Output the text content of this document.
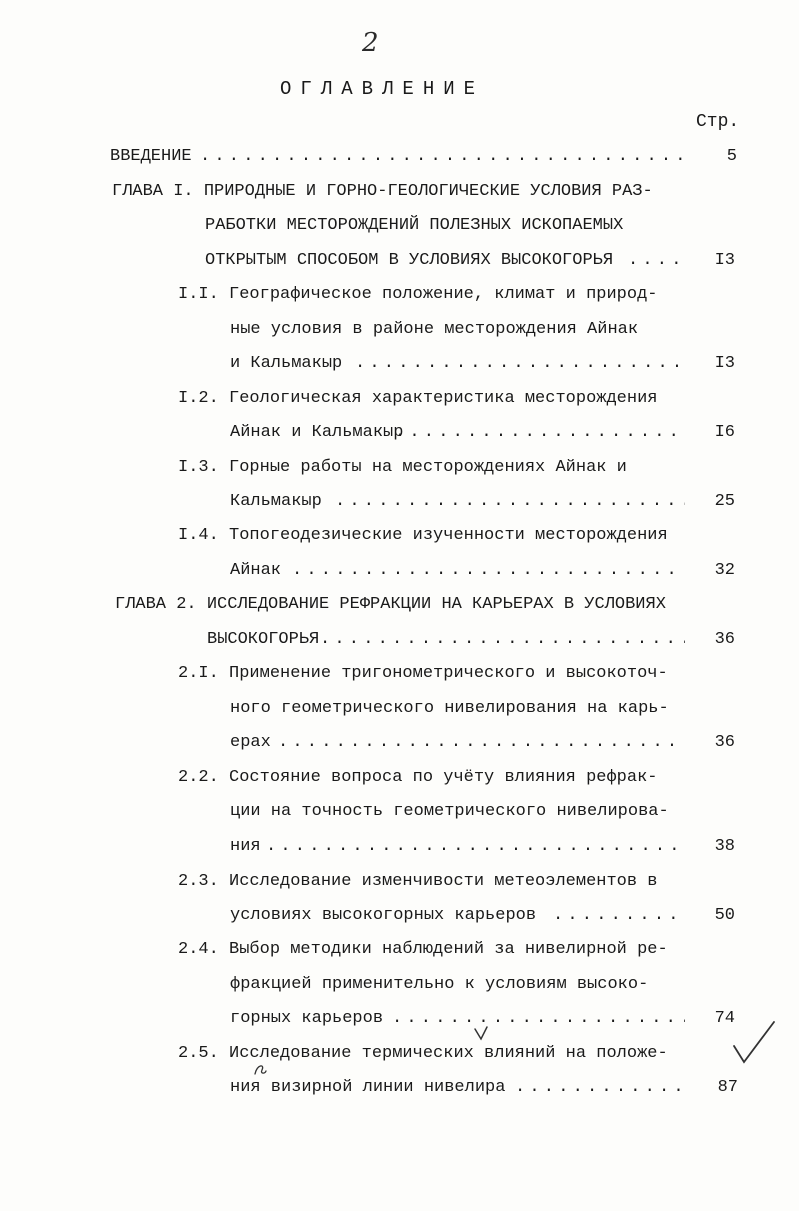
2
ОГЛАВЛЕНИЕ
Стр.
ВВЕДЕНИЕ . . .	5
ГЛАВА I. ПРИРОДНЫЕ И ГОРНО-ГЕОЛОГИЧЕСКИЕ УСЛОВИЯ РАЗ-
РАБОТКИ МЕСТОРОЖДЕНИЙ ПОЛЕЗНЫХ ИСКОПАЕМЫХ
ОТКРЫТЫМ СПОСОБОМ В УСЛОВИЯХ ВЫСОКОГОРЬЯ . . .	I3
I.I. Географическое положение, климат и природ-
ные условия в районе месторождения Айнак
и Кальмакыр . . .	I3
I.2. Геологическая характеристика месторождения
Айнак и Кальмакыр . . .	I6
I.3. Горные работы на месторождениях Айнак и
Кальмакыр . . .	25
I.4. Топогеодезические изученности месторождения
Айнак . . .	32
ГЛАВА 2. ИССЛЕДОВАНИЕ РЕФРАКЦИИ НА КАРЬЕРАХ В УСЛОВИЯХ
ВЫСОКОГОРЬЯ . . .	36
2.I. Применение тригонометрического и высокоточ-
ного геометрического нивелирования на карь-
ерах . . .	36
2.2. Состояние вопроса по учёту влияния рефрак-
ции на точность геометрического нивелирова-
ния . . .	38
2.3. Исследование изменчивости метеоэлементов в
условиях высокогорных карьеров . . .	50
2.4. Выбор методики наблюдений за нивелирной ре-
фракцией применительно к условиям высоко-
горных карьеров . . .	74
2.5. Исследование термических влияний на положе-
ния визирной линии нивелира . . .	87
